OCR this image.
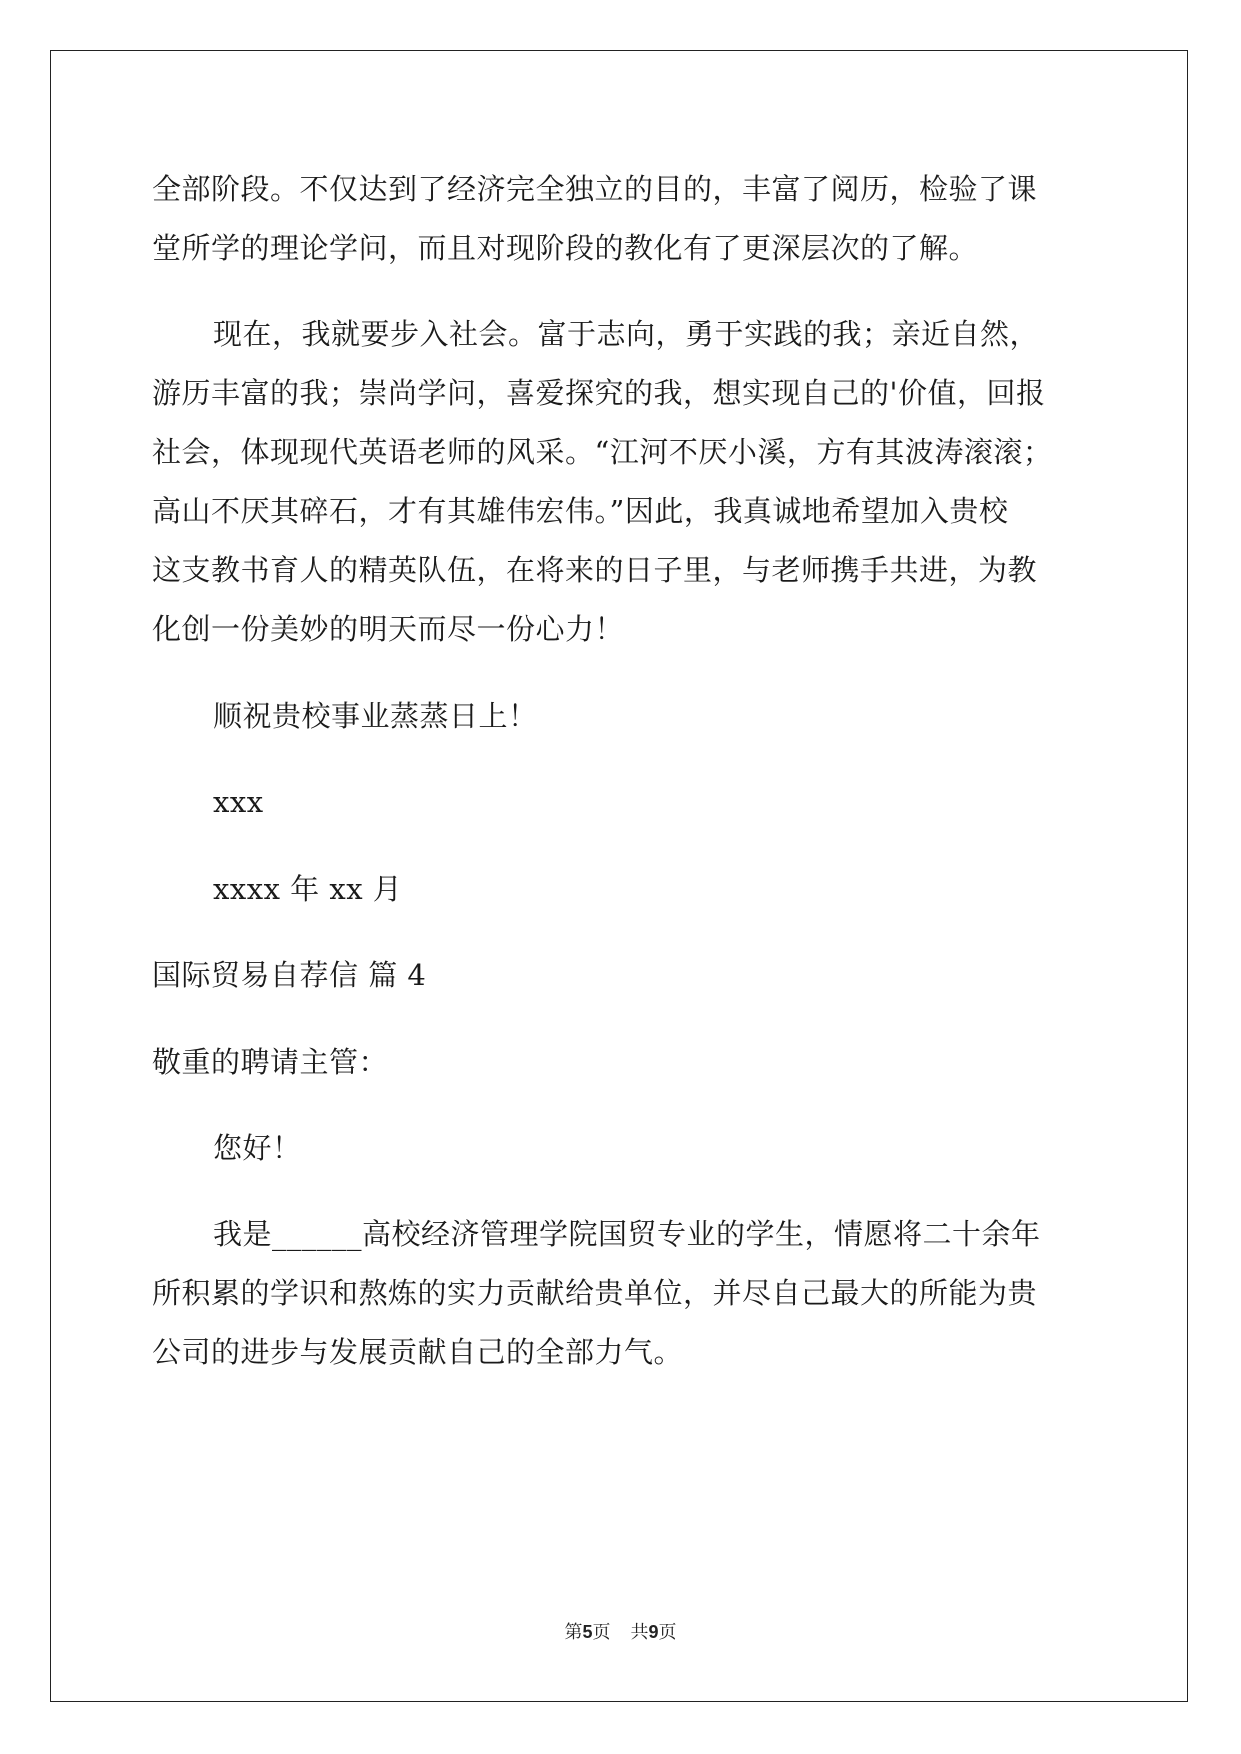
全部阶段。不仅达到了经济完全独立的目的，丰富了阅历，检验了课
堂所学的理论学问，而且对现阶段的教化有了更深层次的了解。
现在，我就要步入社会。富于志向，勇于实践的我；亲近自然，
游历丰富的我；崇尚学问，喜爱探究的我，想实现自己的'价值，回报
社会，体现现代英语老师的风采。“江河不厌小溪，方有其波涛滚滚；
高山不厌其碎石，才有其雄伟宏伟。”因此，我真诚地希望加入贵校
这支教书育人的精英队伍，在将来的日子里，与老师携手共进，为教
化创一份美妙的明天而尽一份心力！
顺祝贵校事业蒸蒸日上！
xxx
xxxx 年 xx 月
国际贸易自荐信 篇 4
敬重的聘请主管：
您好！
我是______高校经济管理学院国贸专业的学生，情愿将二十余年
所积累的学识和熬炼的实力贡献给贵单位，并尽自己最大的所能为贵
公司的进步与发展贡献自己的全部力气。
第5页 共9页
